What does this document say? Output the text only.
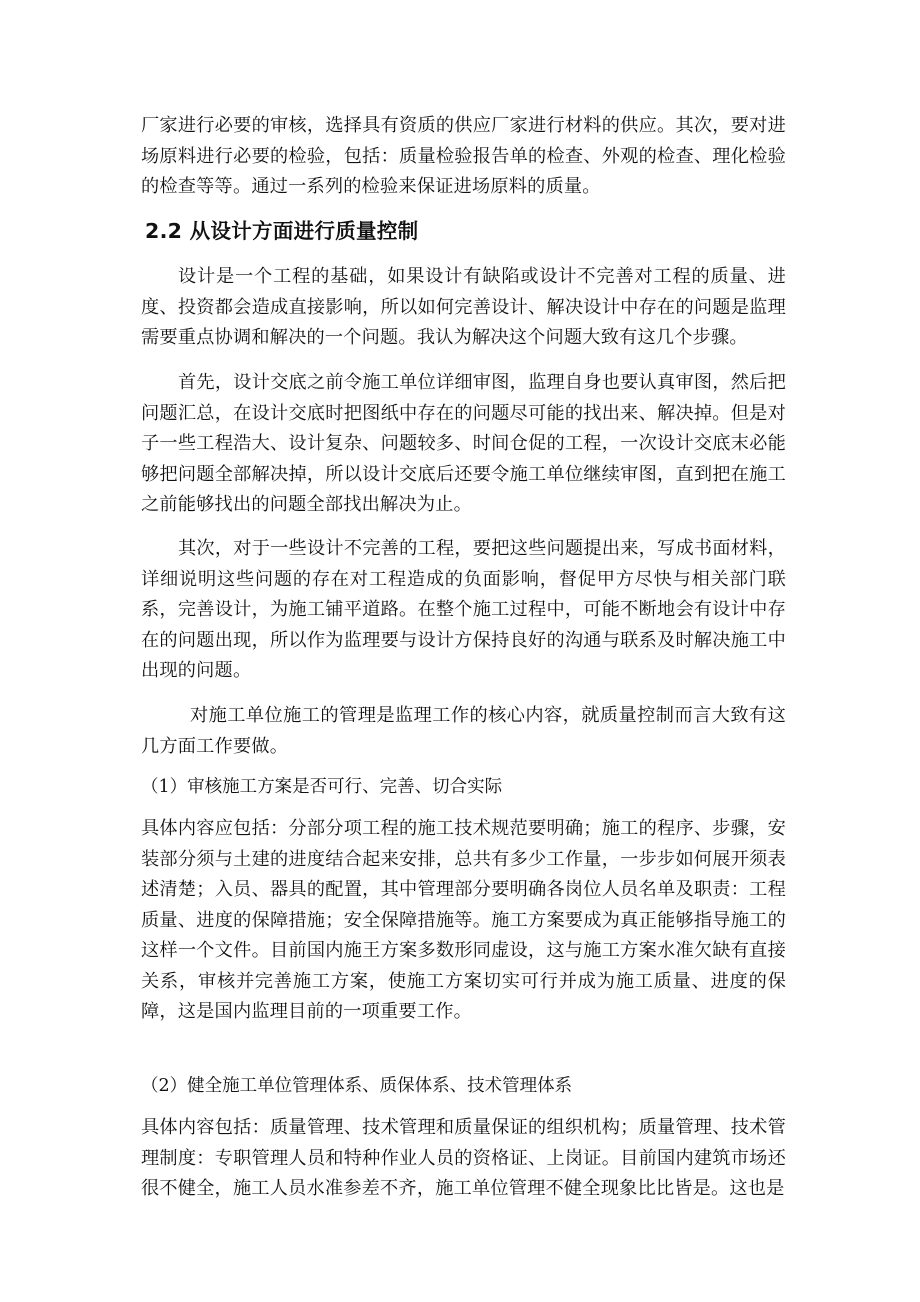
厂家进行必要的审核，选择具有资质的供应厂家进行材料的供应。其次，要对进场原料进行必要的检验，包括：质量检验报告单的检查、外观的检查、理化检验的检查等等。通过一系列的检验来保证进场原料的质量。

2.2 从设计方面进行质量控制

设计是一个工程的基础，如果设计有缺陷或设计不完善对工程的质量、进度、投资都会造成直接影响，所以如何完善设计、解决设计中存在的问题是监理需要重点协调和解决的一个问题。我认为解决这个问题大致有这几个步骤。

首先，设计交底之前令施工单位详细审图，监理自身也要认真审图，然后把问题汇总，在设计交底时把图纸中存在的问题尽可能的找出来、解决掉。但是对子一些工程浩大、设计复杂、问题较多、时间仓促的工程，一次设计交底末必能够把问题全部解决掉，所以设计交底后还要令施工单位继续审图，直到把在施工之前能够找出的问题全部找出解决为止。

其次，对于一些设计不完善的工程，要把这些问题提出来，写成书面材料，详细说明这些问题的存在对工程造成的负面影响，督促甲方尽快与相关部门联系，完善设计，为施工铺平道路。在整个施工过程中，可能不断地会有设计中存在的问题出现，所以作为监理要与设计方保持良好的沟通与联系及时解决施工中出现的问题。

对施工单位施工的管理是监理工作的核心内容，就质量控制而言大致有这几方面工作要做。

（1）审核施工方案是否可行、完善、切合实际

具体内容应包括：分部分项工程的施工技术规范要明确；施工的程序、步骤，安装部分须与土建的进度结合起来安排，总共有多少工作量，一步步如何展开须表述清楚；入员、器具的配置，其中管理部分要明确各岗位人员名单及职责：工程质量、进度的保障措施；安全保障措施等。施工方案要成为真正能够指导施工的这样一个文件。目前国内施王方案多数形同虚设，这与施工方案水准欠缺有直接关系，审核并完善施工方案，使施工方案切实可行并成为施工质量、进度的保障，这是国内监理目前的一项重要工作。

（2）健全施工单位管理体系、质保体系、技术管理体系

具体内容包括：质量管理、技术管理和质量保证的组织机构；质量管理、技术管理制度：专职管理人员和特种作业人员的资格证、上岗证。目前国内建筑市场还很不健全，施工人员水准参差不齐，施工单位管理不健全现象比比皆是。这也是
